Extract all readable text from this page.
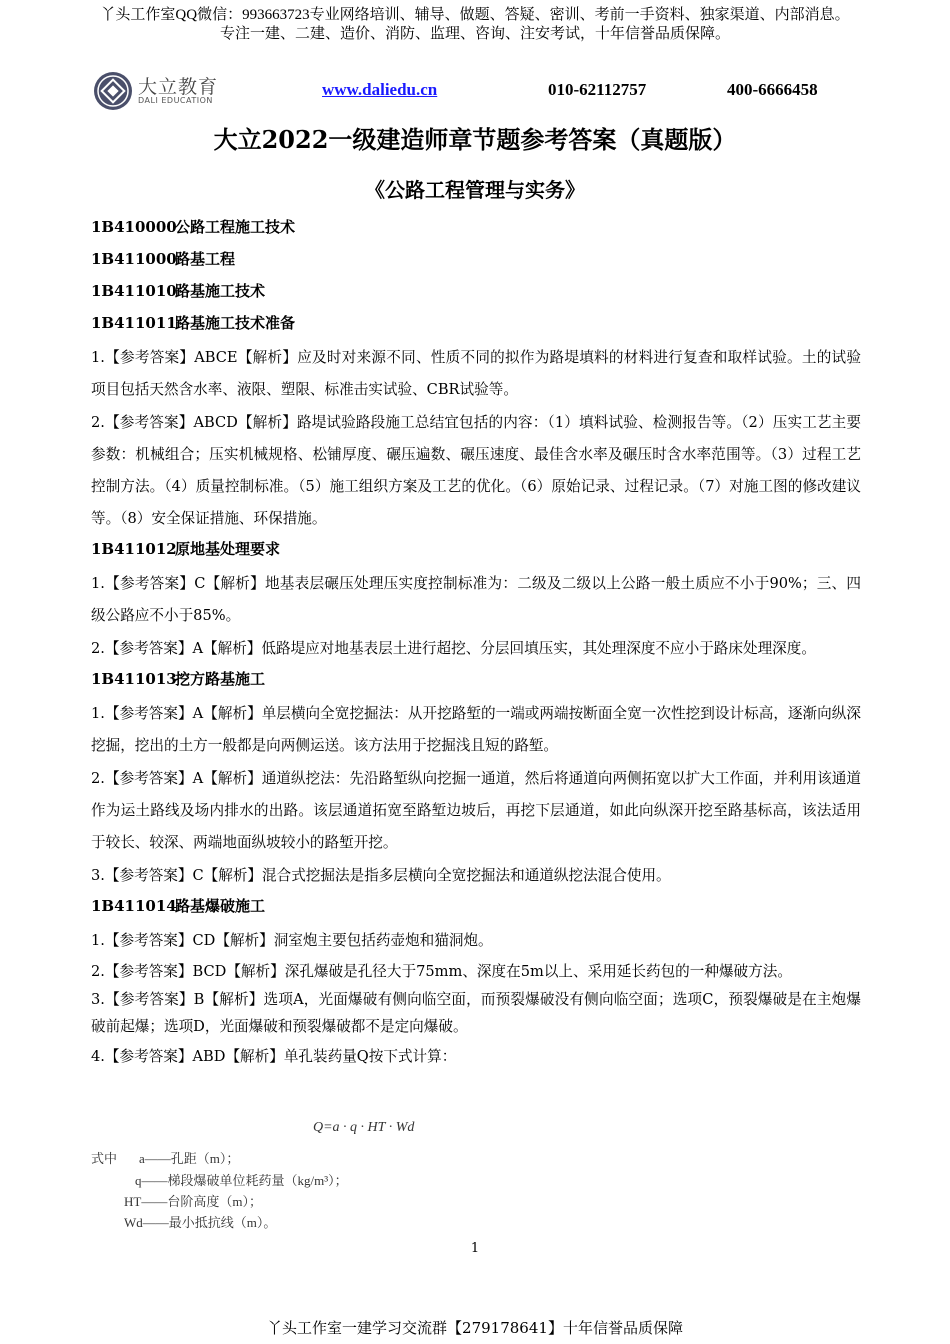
丫头工作室QQ微信：993663723专业网络培训、辅导、做题、答疑、密训、考前一手资料、独家渠道、内部消息。
专注一建、二建、造价、消防、监理、咨询、注安考试，十年信誉品质保障。
大立教育
DALI EDUCATION
www.daliedu.cn	010-62112757	400-6666458
大立2022一级建造师章节题参考答案（真题版）
《公路工程管理与实务》
1B410000公路工程施工技术
1B411000路基工程
1B411010路基施工技术
1B411011路基施工技术准备
1.【参考答案】ABCE【解析】应及时对来源不同、性质不同的拟作为路堤填料的材料进行复查和取样试验。土的试验项目包括天然含水率、液限、塑限、标准击实试验、CBR试验等。
2.【参考答案】ABCD【解析】路堤试验路段施工总结宜包括的内容：（1）填料试验、检测报告等。（2）压实工艺主要参数：机械组合；压实机械规格、松铺厚度、碾压遍数、碾压速度、最佳含水率及碾压时含水率范围等。（3）过程工艺控制方法。（4）质量控制标准。（5）施工组织方案及工艺的优化。（6）原始记录、过程记录。（7）对施工图的修改建议等。（8）安全保证措施、环保措施。
1B411012原地基处理要求
1.【参考答案】C【解析】地基表层碾压处理压实度控制标准为：二级及二级以上公路一般土质应不小于90%；三、四级公路应不小于85%。
2.【参考答案】A【解析】低路堤应对地基表层土进行超挖、分层回填压实，其处理深度不应小于路床处理深度。
1B411013挖方路基施工
1.【参考答案】A【解析】单层横向全宽挖掘法：从开挖路堑的一端或两端按断面全宽一次性挖到设计标高，逐渐向纵深挖掘，挖出的土方一般都是向两侧运送。该方法用于挖掘浅且短的路堑。
2.【参考答案】A【解析】通道纵挖法：先沿路堑纵向挖掘一通道，然后将通道向两侧拓宽以扩大工作面，并利用该通道作为运土路线及场内排水的出路。该层通道拓宽至路堑边坡后，再挖下层通道，如此向纵深开挖至路基标高，该法适用于较长、较深、两端地面纵坡较小的路堑开挖。
3.【参考答案】C【解析】混合式挖掘法是指多层横向全宽挖掘法和通道纵挖法混合使用。
1B411014路基爆破施工
1.【参考答案】CD【解析】洞室炮主要包括药壶炮和猫洞炮。
2.【参考答案】BCD【解析】深孔爆破是孔径大于75mm、深度在5m以上、采用延长药包的一种爆破方法。
3.【参考答案】B【解析】选项A，光面爆破有侧向临空面，而预裂爆破没有侧向临空面；选项C，预裂爆破是在主炮爆破前起爆；选项D，光面爆破和预裂爆破都不是定向爆破。
4.【参考答案】ABD【解析】单孔装药量Q按下式计算：
Q=a · q · HT · Wd
式中 a——孔距（m）；
q——梯段爆破单位耗药量（kg/m³）；
HT——台阶高度（m）；
Wd——最小抵抗线（m）。
1
丫头工作室一建学习交流群【279178641】十年信誉品质保障
